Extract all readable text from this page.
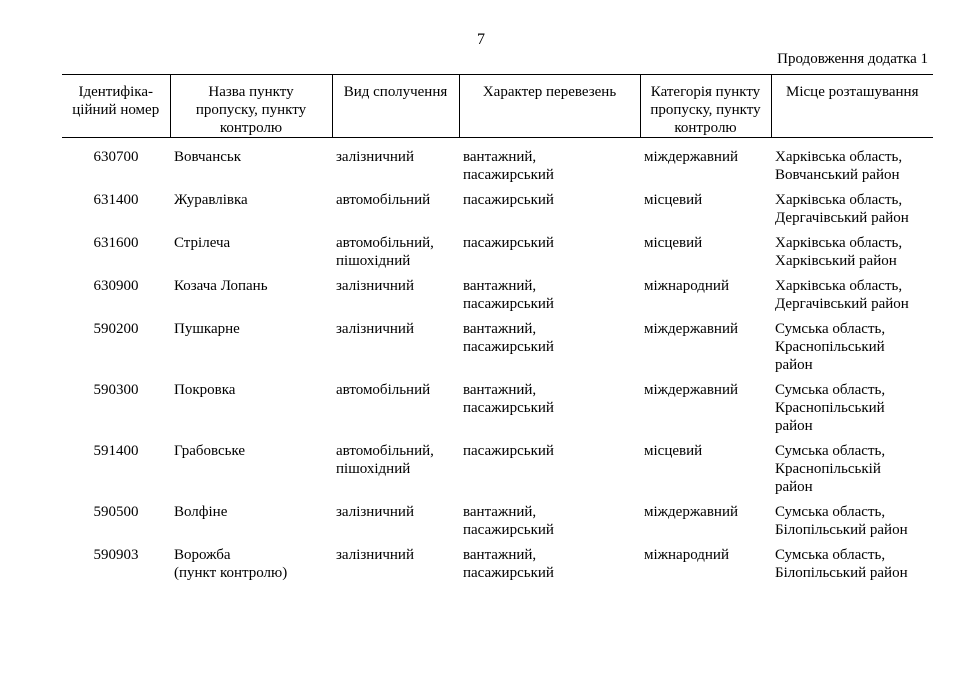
7
Продовження додатка 1
Ідентифіка-
ційний номер	Назва пункту
пропуску, пункту
контролю	Вид сполучення	Характер перевезень	Категорія пункту
пропуску, пункту
контролю	Місце розташування

630700	Вовчанськ	залізничний	вантажний,
пасажирський	міждержавний	Харківська область,
Вовчанський район

631400	Журавлівка	автомобільний	пасажирський	місцевий	Харківська область,
Дергачівський район

631600	Стрілеча	автомобільний,
пішохідний	пасажирський	місцевий	Харківська область,
Харківський район

630900	Козача Лопань	залізничний	вантажний,
пасажирський	міжнародний	Харківська область,
Дергачівський район

590200	Пушкарне	залізничний	вантажний,
пасажирський	міждержавний	Сумська область,
Краснопільський
район

590300	Покровка	автомобільний	вантажний,
пасажирський	міждержавний	Сумська область,
Краснопільський
район

591400	Грабовське	автомобільний,
пішохідний	пасажирський	місцевий	Сумська область,
Краснопільській
район

590500	Волфіне	залізничний	вантажний,
пасажирський	міждержавний	Сумська область,
Білопільський район

590903	Ворожба
(пункт контролю)	залізничний	вантажний,
пасажирський	міжнародний	Сумська область,
Білопільський район
